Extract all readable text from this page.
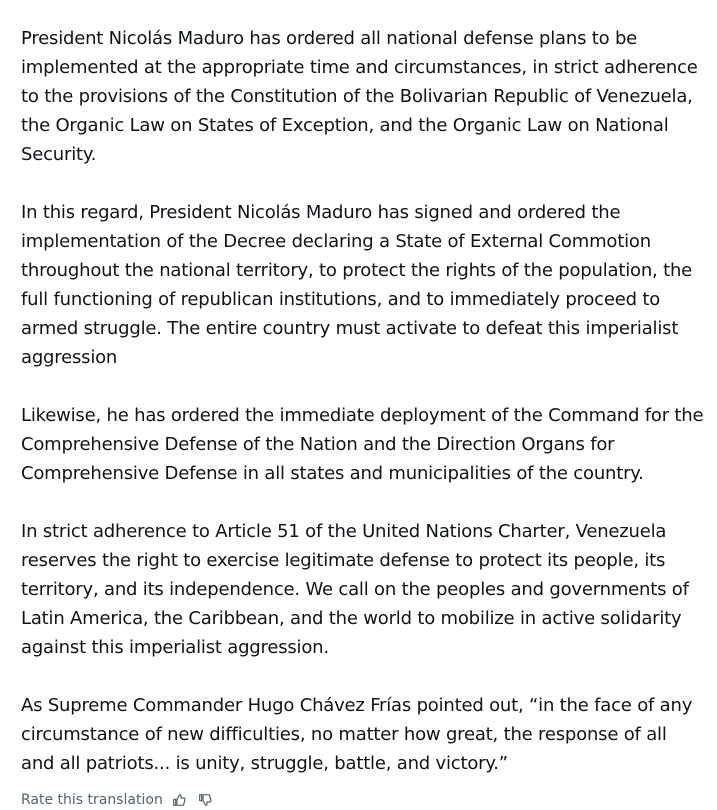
President Nicolás Maduro has ordered all national defense plans to be implemented at the appropriate time and circumstances, in strict adherence to the provisions of the Constitution of the Bolivarian Republic of Venezuela, the Organic Law on States of Exception, and the Organic Law on National Security.

In this regard, President Nicolás Maduro has signed and ordered the implementation of the Decree declaring a State of External Commotion throughout the national territory, to protect the rights of the population, the full functioning of republican institutions, and to immediately proceed to armed struggle. The entire country must activate to defeat this imperialist aggression

Likewise, he has ordered the immediate deployment of the Command for the Comprehensive Defense of the Nation and the Direction Organs for Comprehensive Defense in all states and municipalities of the country.

In strict adherence to Article 51 of the United Nations Charter, Venezuela reserves the right to exercise legitimate defense to protect its people, its territory, and its independence. We call on the peoples and governments of Latin America, the Caribbean, and the world to mobilize in active solidarity against this imperialist aggression.

As Supreme Commander Hugo Chávez Frías pointed out, “in the face of any circumstance of new difficulties, no matter how great, the response of all and all patriots... is unity, struggle, battle, and victory.”

Rate this translation
